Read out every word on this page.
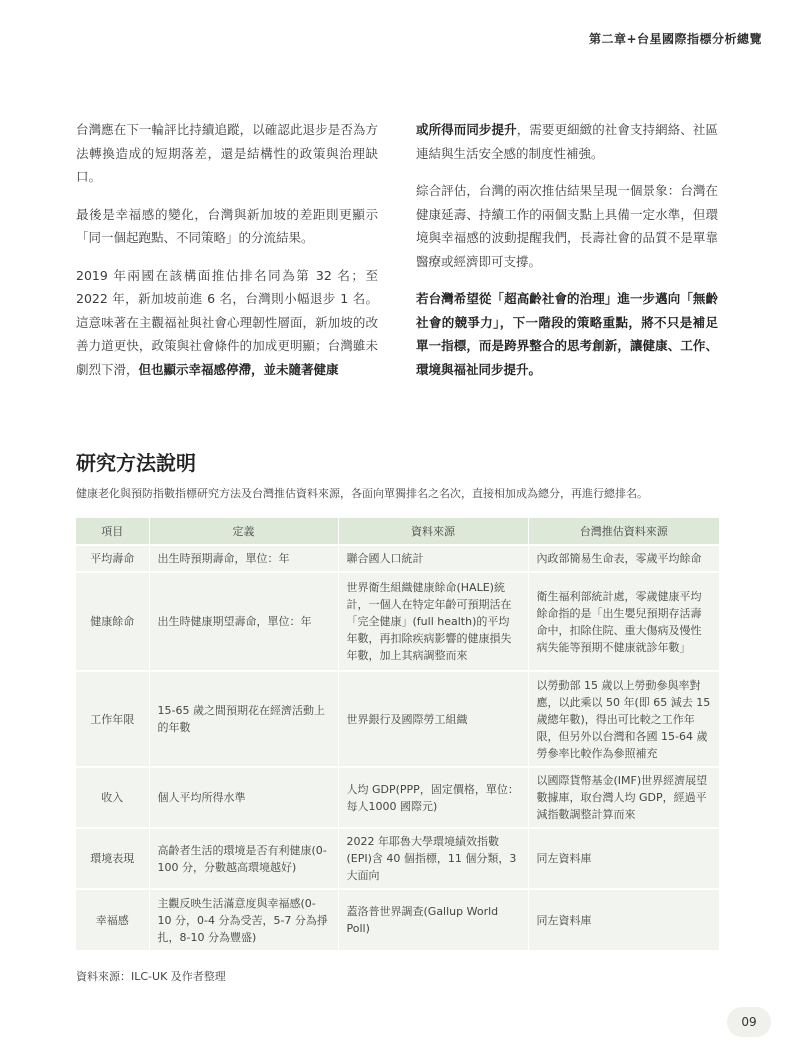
第二章+台星國際指標分析總覽

台灣應在下一輪評比持續追蹤，以確認此退步是否為方法轉換造成的短期落差，還是結構性的政策與治理缺口。

最後是幸福感的變化，台灣與新加坡的差距則更顯示「同一個起跑點、不同策略」的分流結果。

2019 年兩國在該構面推估排名同為第 32 名；至 2022 年，新加坡前進 6 名，台灣則小幅退步 1 名。這意味著在主觀福祉與社會心理韌性層面，新加坡的改善力道更快，政策與社會條件的加成更明顯；台灣雖未劇烈下滑，但也顯示幸福感停滯，並未隨著健康

或所得而同步提升，需要更細緻的社會支持網絡、社區連結與生活安全感的制度性補強。

綜合評估，台灣的兩次推估結果呈現一個景象：台灣在健康延壽、持續工作的兩個支點上具備一定水準，但環境與幸福感的波動提醒我們，長壽社會的品質不是單靠醫療或經濟即可支撐。

若台灣希望從「超高齡社會的治理」進一步邁向「無齡社會的競爭力」，下一階段的策略重點，將不只是補足單一指標，而是跨界整合的思考創新，讓健康、工作、環境與福祉同步提升。

研究方法說明

健康老化與預防指數指標研究方法及台灣推估資料來源，各面向單獨排名之名次，直接相加成為總分，再進行總排名。

項目	定義	資料來源	台灣推估資料來源
平均壽命	出生時預期壽命，單位：年	聯合國人口統計	內政部簡易生命表，零歲平均餘命
健康餘命	出生時健康期望壽命，單位：年	世界衛生組織健康餘命(HALE)統計，一個人在特定年齡可預期活在「完全健康」(full health)的平均年數，再扣除疾病影響的健康損失年數，加上其病調整而來	衛生福利部統計處，零歲健康平均餘命指的是「出生嬰兒預期存活壽命中，扣除住院、重大傷病及慢性病失能等預期不健康就診年數」
工作年限	15-65 歲之間預期花在經濟活動上的年數	世界銀行及國際勞工組織	以勞動部 15 歲以上勞動參與率對應，以此乘以 50 年(即 65 減去 15 歲總年數)，得出可比較之工作年限，但另外以台灣和各國 15-64 歲勞參率比較作為參照補充
收入	個人平均所得水準	人均 GDP(PPP，固定價格，單位：每人1000 國際元)	以國際貨幣基金(IMF)世界經濟展望數據庫，取台灣人均 GDP，經過平減指數調整計算而來
環境表現	高齡者生活的環境是否有利健康(0-100 分，分數越高環境越好)	2022 年耶魯大學環境績效指數(EPI)含 40 個指標，11 個分類，3 大面向	同左資料庫
幸福感	主觀反映生活滿意度與幸福感(0-10 分，0-4 分為受苦，5-7 分為掙扎，8-10 分為豐盛)	蓋洛普世界調查(Gallup World Poll)	同左資料庫

資料來源：ILC-UK 及作者整理

09
